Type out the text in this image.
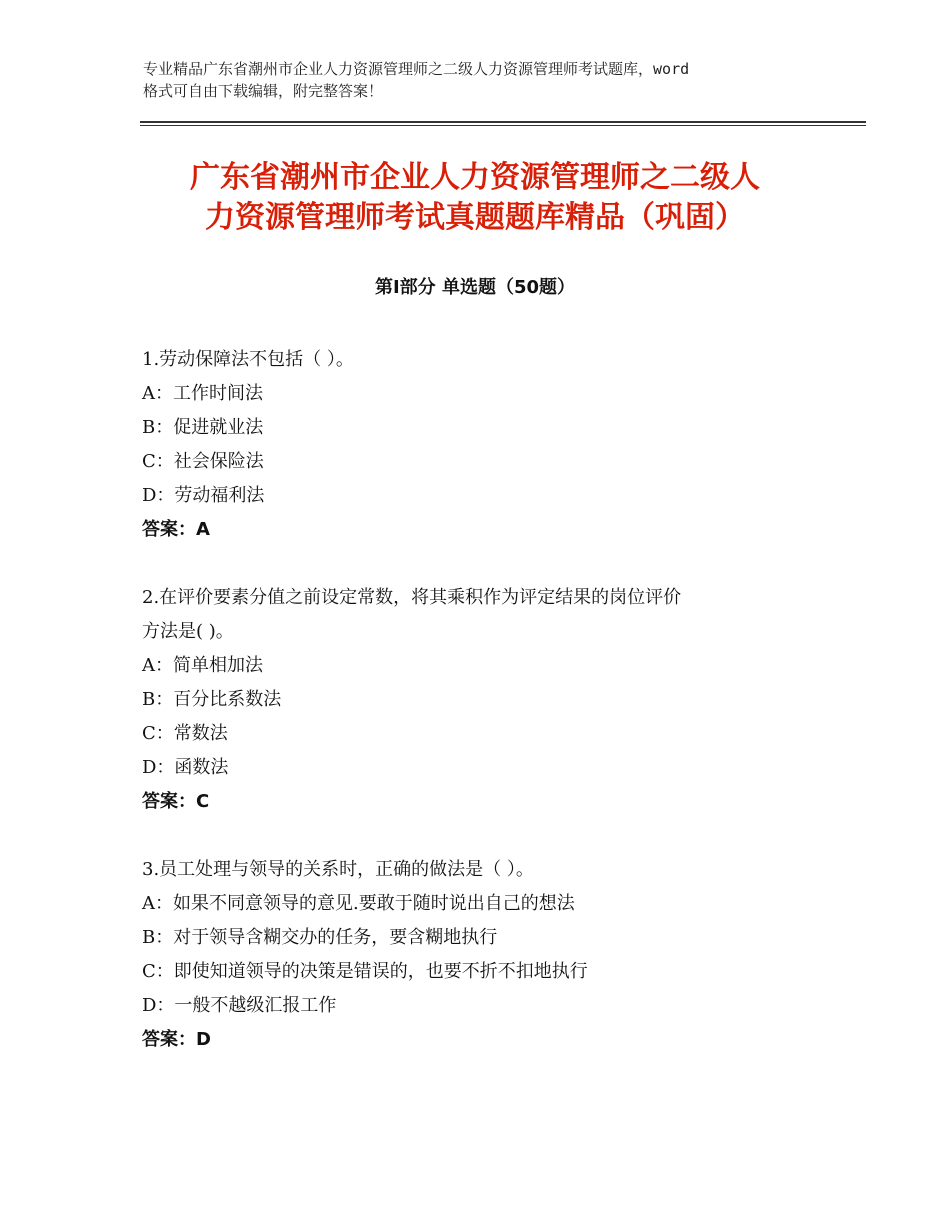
专业精品广东省潮州市企业人力资源管理师之二级人力资源管理师考试题库，word
格式可自由下载编辑，附完整答案！
广东省潮州市企业人力资源管理师之二级人
力资源管理师考试真题题库精品（巩固）
第Ⅰ部分 单选题（50题）
1.劳动保障法不包括（ ）。
A：工作时间法
B：促进就业法
C：社会保险法
D：劳动福利法
答案：A
2.在评价要素分值之前设定常数，将其乘积作为评定结果的岗位评价
方法是( )。
A：简单相加法
B：百分比系数法
C：常数法
D：函数法
答案：C
3.员工处理与领导的关系时，正确的做法是（ ）。
A：如果不同意领导的意见.要敢于随时说出自己的想法
B：对于领导含糊交办的任务，要含糊地执行
C：即使知道领导的决策是错误的，也要不折不扣地执行
D：一般不越级汇报工作
答案：D
